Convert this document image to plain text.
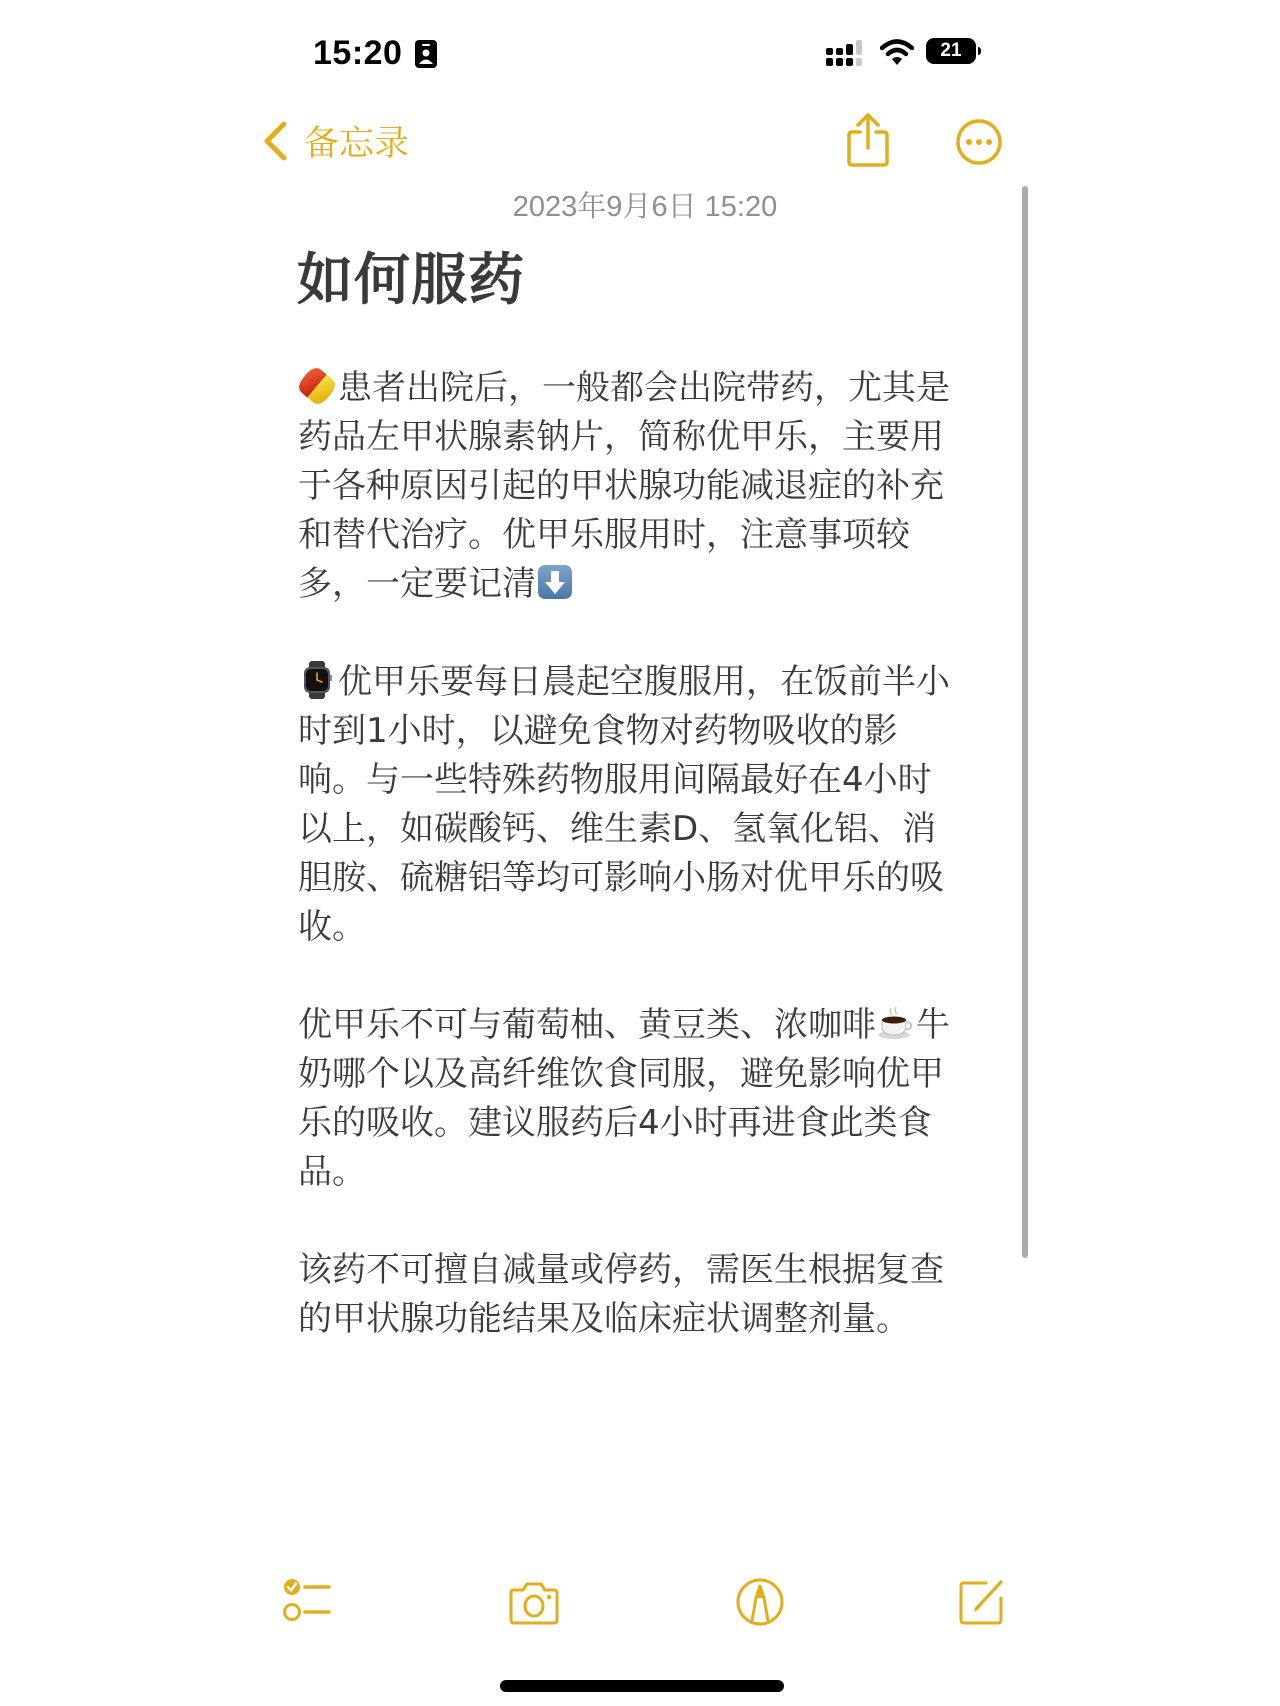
15:20	21
备忘录
2023年9月6日 15:20
如何服药
患者出院后，一般都会出院带药，尤其是
药品左甲状腺素钠片，简称优甲乐，主要用
于各种原因引起的甲状腺功能减退症的补充
和替代治疗。优甲乐服用时，注意事项较
多，一定要记清
优甲乐要每日晨起空腹服用，在饭前半小
时到1小时，以避免食物对药物吸收的影
响。与一些特殊药物服用间隔最好在4小时
以上，如碳酸钙、维生素D、氢氧化铝、消
胆胺、硫糖铝等均可影响小肠对优甲乐的吸
收。
优甲乐不可与葡萄柚、黄豆类、浓咖啡 牛
奶哪个以及高纤维饮食同服，避免影响优甲
乐的吸收。建议服药后4小时再进食此类食
品。
该药不可擅自减量或停药，需医生根据复查
的甲状腺功能结果及临床症状调整剂量。
